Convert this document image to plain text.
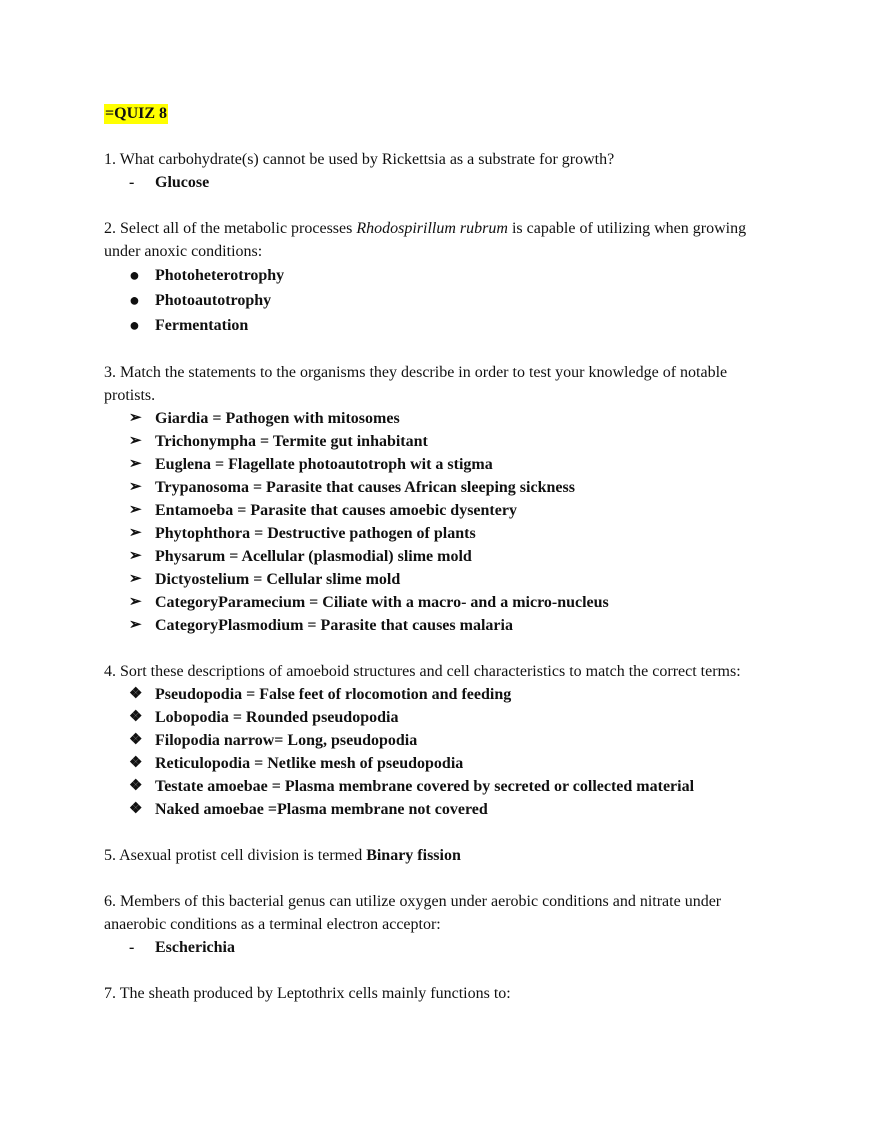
=QUIZ 8
1. What carbohydrate(s) cannot be used by Rickettsia as a substrate for growth?
-	Glucose
2. Select all of the metabolic processes Rhodospirillum rubrum is capable of utilizing when growing under anoxic conditions:
● Photoheterotrophy
● Photoautotrophy
● Fermentation
3. Match the statements to the organisms they describe in order to test your knowledge of notable protists.
➢ Giardia = Pathogen with mitosomes
➢ Trichonympha = Termite gut inhabitant
➢ Euglena = Flagellate photoautotroph wit a stigma
➢ Trypanosoma = Parasite that causes African sleeping sickness
➢ Entamoeba = Parasite that causes amoebic dysentery
➢ Phytophthora = Destructive pathogen of plants
➢ Physarum = Acellular (plasmodial) slime mold
➢ Dictyostelium = Cellular slime mold
➢ CategoryParamecium = Ciliate with a macro- and a micro-nucleus
➢ CategoryPlasmodium = Parasite that causes malaria
4. Sort these descriptions of amoeboid structures and cell characteristics to match the correct terms:
❖ Pseudopodia = False feet of rlocomotion and feeding
❖ Lobopodia = Rounded pseudopodia
❖ Filopodia narrow= Long, pseudopodia
❖ Reticulopodia = Netlike mesh of pseudopodia
❖ Testate amoebae = Plasma membrane covered by secreted or collected material
❖ Naked amoebae =Plasma membrane not covered
5. Asexual protist cell division is termed Binary fission
6. Members of this bacterial genus can utilize oxygen under aerobic conditions and nitrate under anaerobic conditions as a terminal electron acceptor:
-	Escherichia
7. The sheath produced by Leptothrix cells mainly functions to:
